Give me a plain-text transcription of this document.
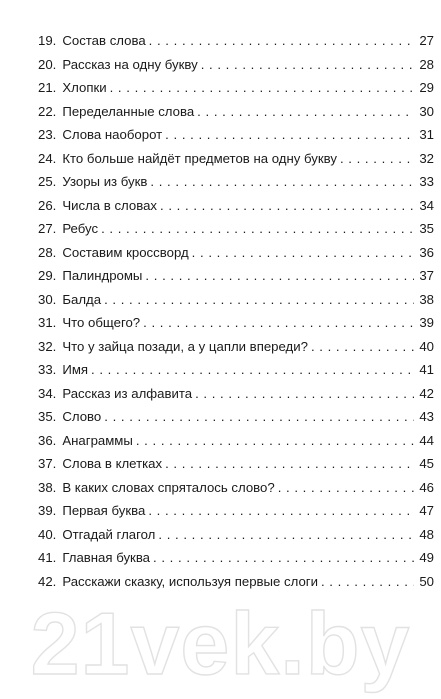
19. Состав слова . . .	27
20. Рассказ на одну букву . . .	28
21. Хлопки . . .	29
22. Переделанные слова . . .	30
23. Слова наоборот . . .	31
24. Кто больше найдёт предметов на одну букву . . .	32
25. Узоры из букв . . .	33
26. Числа в словах . . .	34
27. Ребус . . .	35
28. Составим кроссворд . . .	36
29. Палиндромы . . .	37
30. Балда . . .	38
31. Что общего? . . .	39
32. Что у зайца позади, а у цапли впереди? . . .	40
33. Имя . . .	41
34. Рассказ из алфавита . . .	42
35. Слово . . .	43
36. Анаграммы . . .	44
37. Слова в клетках . . .	45
38. В каких словах спряталось слово? . . .	46
39. Первая буква . . .	47
40. Отгадай глагол . . .	48
41. Главная буква . . .	49
42. Расскажи сказку, используя первые слоги . . .	50
21vek.by
